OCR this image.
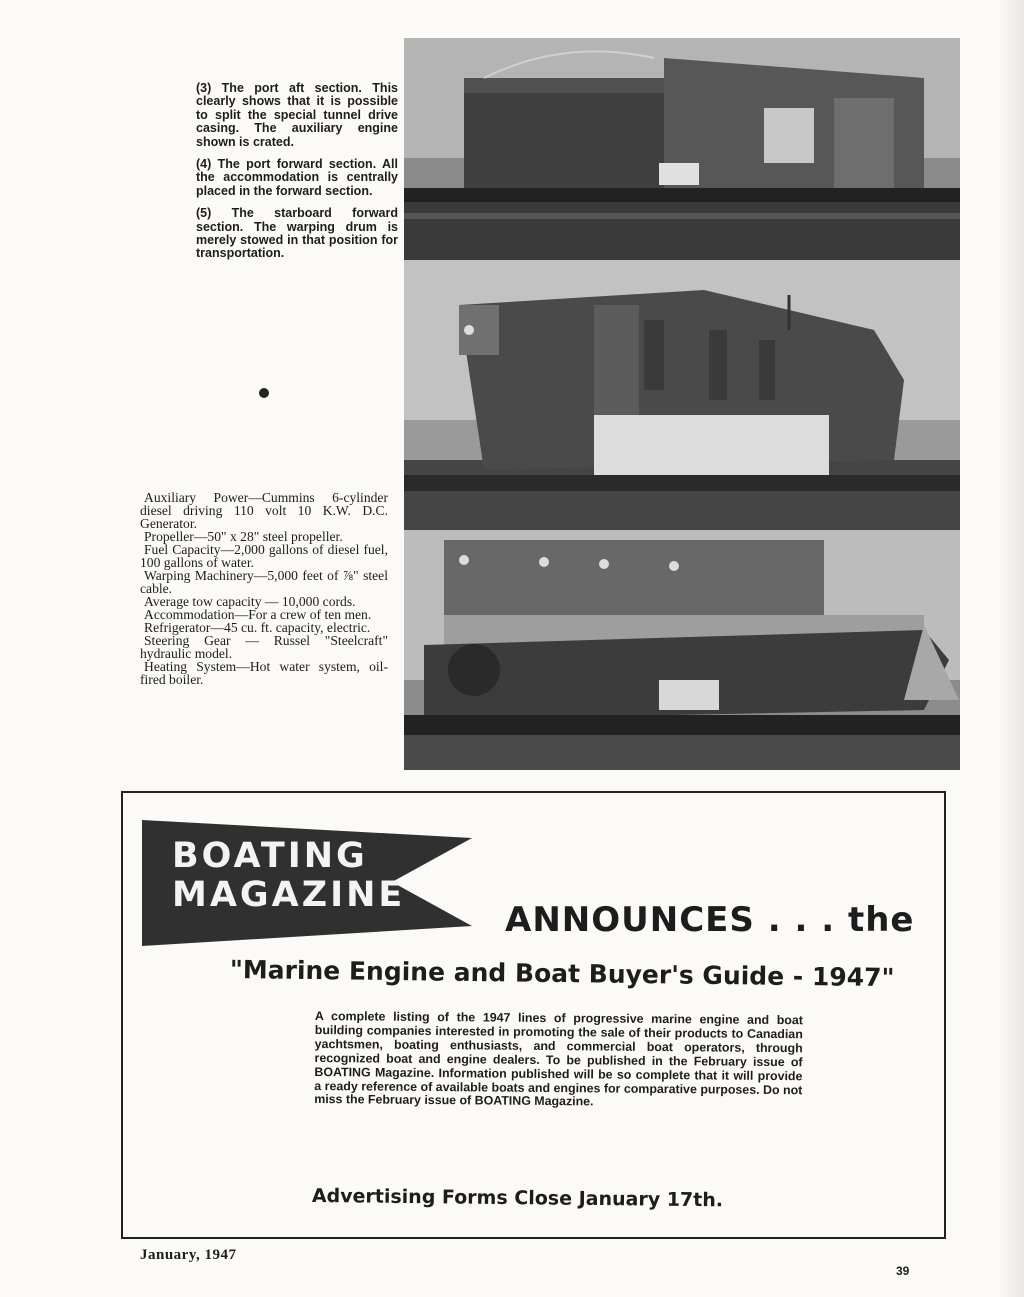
(3) The port aft section. This clearly shows that it is possible to split the special tunnel drive casing. The auxiliary engine shown is crated.

(4) The port forward section. All the accommodation is centrally placed in the forward section.

(5) The starboard forward section. The warping drum is merely stowed in that position for transportation.

Auxiliary Power—Cummins 6-cylinder diesel driving 110 volt 10 K.W. D.C. Generator.

Propeller—50" x 28" steel propeller.

Fuel Capacity—2,000 gallons of diesel fuel, 100 gallons of water.

Warping Machinery—5,000 feet of ⅞" steel cable.

Average tow capacity — 10,000 cords.

Accommodation—For a crew of ten men.

Refrigerator—45 cu. ft. capacity, electric.

Steering Gear — Russel "Steelcraft" hydraulic model.

Heating System—Hot water system, oil-fired boiler.

BOATING
MAGAZINE
ANNOUNCES . . . the
"Marine Engine and Boat Buyer's Guide - 1947"
A complete listing of the 1947 lines of progressive marine engine and boat building companies interested in promoting the sale of their products to Canadian yachtsmen, boating enthusiasts, and commercial boat operators, through recognized boat and engine dealers. To be published in the February issue of BOATING Magazine. Information published will be so complete that it will provide a ready reference of available boats and engines for comparative purposes. Do not miss the February issue of BOATING Magazine.
Advertising Forms Close January 17th.
January, 1947
39
